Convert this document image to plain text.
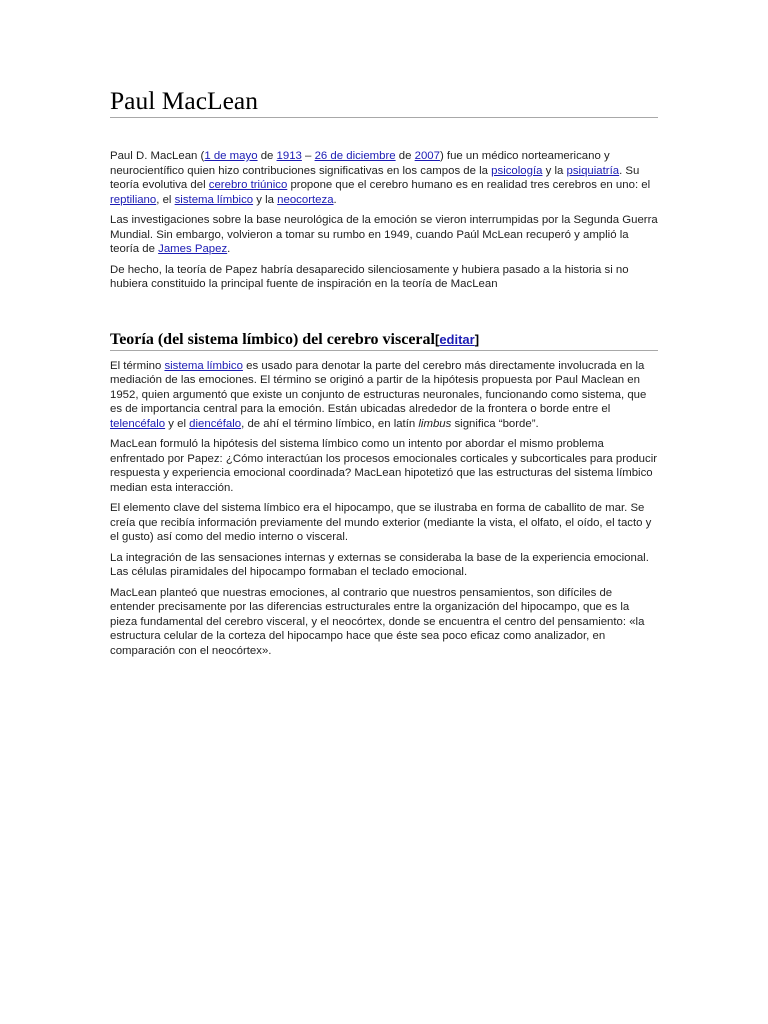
Paul MacLean

Paul D. MacLean (1 de mayo de 1913 – 26 de diciembre de 2007) fue un médico norteamericano y neurocientífico quien hizo contribuciones significativas en los campos de la psicología y la psiquiatría. Su teoría evolutiva del cerebro triúnico propone que el cerebro humano es en realidad tres cerebros en uno: el reptiliano, el sistema límbico y la neocorteza.

Las investigaciones sobre la base neurológica de la emoción se vieron interrumpidas por la Segunda Guerra Mundial. Sin embargo, volvieron a tomar su rumbo en 1949, cuando Paúl McLean recuperó y amplió la teoría de James Papez.

De hecho, la teoría de Papez habría desaparecido silenciosamente y hubiera pasado a la historia si no hubiera constituido la principal fuente de inspiración en la teoría de MacLean

Teoría (del sistema límbico) del cerebro visceral[editar]

El término sistema límbico es usado para denotar la parte del cerebro más directamente involucrada en la mediación de las emociones. El término se originó a partir de la hipótesis propuesta por Paul Maclean en 1952, quien argumentó que existe un conjunto de estructuras neuronales, funcionando como sistema, que es de importancia central para la emoción. Están ubicadas alrededor de la frontera o borde entre el telencéfalo y el diencéfalo, de ahí el término límbico, en latín limbus significa “borde”.

MacLean formuló la hipótesis del sistema límbico como un intento por abordar el mismo problema enfrentado por Papez: ¿Cómo interactúan los procesos emocionales corticales y subcorticales para producir respuesta y experiencia emocional coordinada? MacLean hipotetizó que las estructuras del sistema límbico median esta interacción.

El elemento clave del sistema límbico era el hipocampo, que se ilustraba en forma de caballito de mar. Se creía que recibía información previamente del mundo exterior (mediante la vista, el olfato, el oído, el tacto y el gusto) así como del medio interno o visceral.

La integración de las sensaciones internas y externas se consideraba la base de la experiencia emocional. Las células piramidales del hipocampo formaban el teclado emocional.

MacLean planteó que nuestras emociones, al contrario que nuestros pensamientos, son difíciles de entender precisamente por las diferencias estructurales entre la organización del hipocampo, que es la pieza fundamental del cerebro visceral, y el neocórtex, donde se encuentra el centro del pensamiento: «la estructura celular de la corteza del hipocampo hace que éste sea poco eficaz como analizador, en comparación con el neocórtex».
